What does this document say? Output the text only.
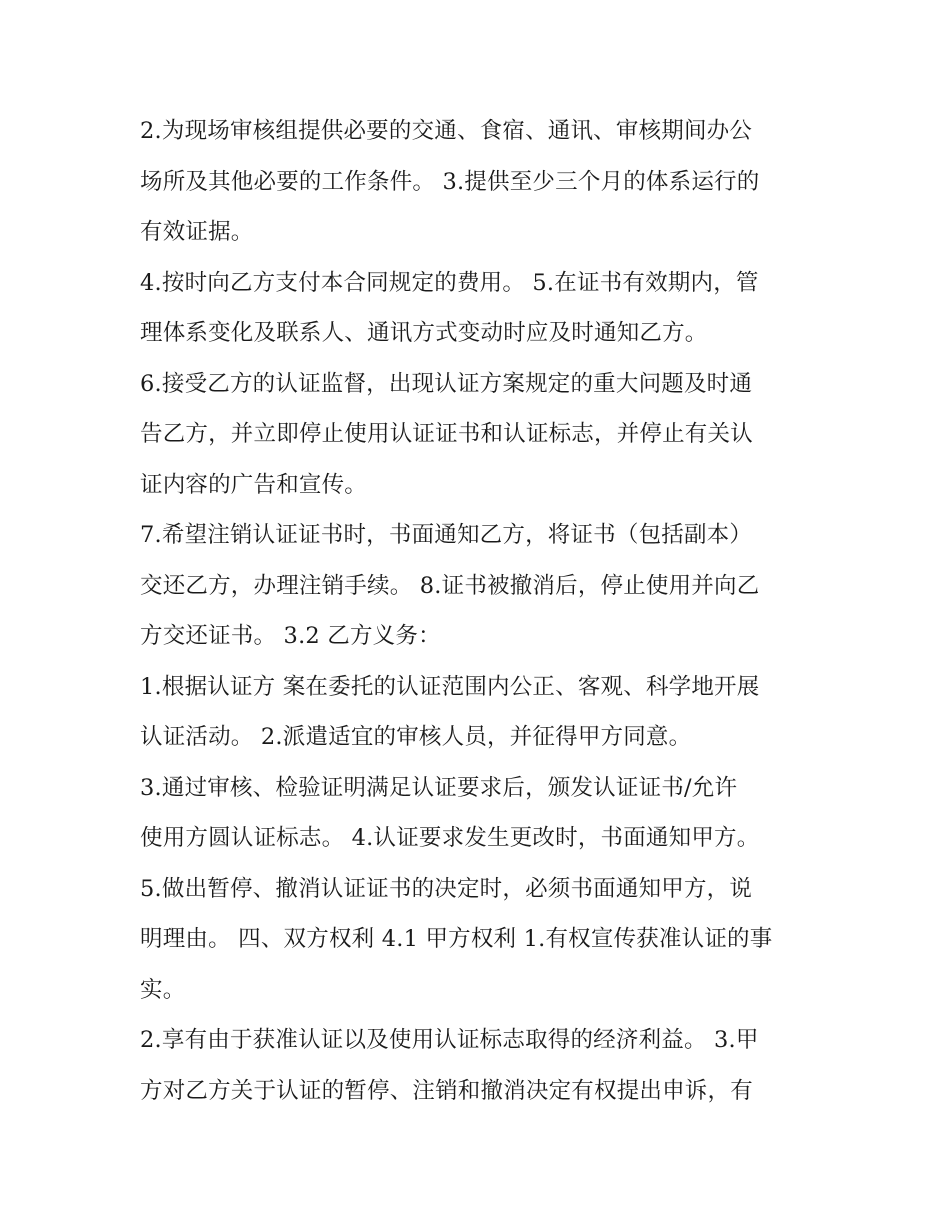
2.为现场审核组提供必要的交通、食宿、通讯、审核期间办公
场所及其他必要的工作条件。 3.提供至少三个月的体系运行的
有效证据。
4.按时向乙方支付本合同规定的费用。 5.在证书有效期内，管
理体系变化及联系人、通讯方式变动时应及时通知乙方。
6.接受乙方的认证监督，出现认证方案规定的重大问题及时通
告乙方，并立即停止使用认证证书和认证标志，并停止有关认
证内容的广告和宣传。
7.希望注销认证证书时，书面通知乙方，将证书（包括副本）
交还乙方，办理注销手续。 8.证书被撤消后，停止使用并向乙
方交还证书。 3.2 乙方义务：
1.根据认证方 案在委托的认证范围内公正、客观、科学地开展
认证活动。 2.派遣适宜的审核人员，并征得甲方同意。
3.通过审核、检验证明满足认证要求后，颁发认证证书/允许
使用方圆认证标志。 4.认证要求发生更改时，书面通知甲方。
5.做出暂停、撤消认证证书的决定时，必须书面通知甲方，说
明理由。 四、双方权利 4.1 甲方权利 1.有权宣传获准认证的事
实。
2.享有由于获准认证以及使用认证标志取得的经济利益。 3.甲
方对乙方关于认证的暂停、注销和撤消决定有权提出申诉，有
